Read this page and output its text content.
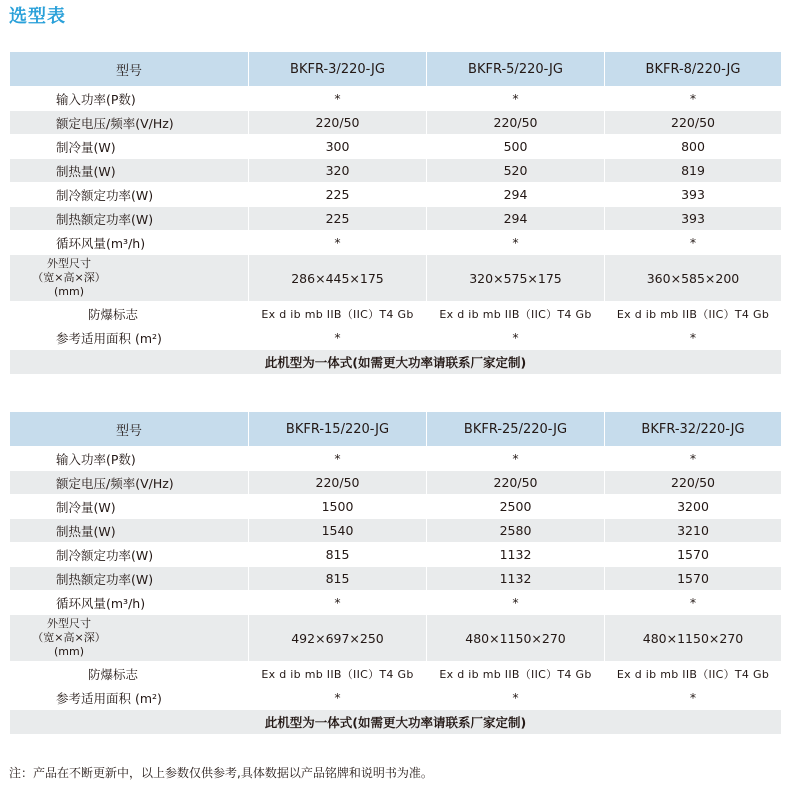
选型表
型号	BKFR-3/220-JG	BKFR-5/220-JG	BKFR-8/220-JG
输入功率(P数)	*	*	*
额定电压/频率(V/Hz)	220/50	220/50	220/50
制冷量(W)	300	500	800
制热量(W)	320	520	819
制冷额定功率(W)	225	294	393
制热额定功率(W)	225	294	393
循环风量(m³/h)	*	*	*

外型尺寸
（宽×高×深）
(mm)	286×445×175	320×575×175	360×585×200
防爆标志	Ex d ib mb IIB（IIC）T4 Gb	Ex d ib mb IIB（IIC）T4 Gb	Ex d ib mb IIB（IIC）T4 Gb
参考适用面积 (m²)	*	*	*
此机型为一体式(如需更大功率请联系厂家定制)			
型号	BKFR-15/220-JG	BKFR-25/220-JG	BKFR-32/220-JG
输入功率(P数)	*	*	*
额定电压/频率(V/Hz)	220/50	220/50	220/50
制冷量(W)	1500	2500	3200
制热量(W)	1540	2580	3210
制冷额定功率(W)	815	1132	1570
制热额定功率(W)	815	1132	1570
循环风量(m³/h)	*	*	*

外型尺寸
（宽×高×深）
(mm)	492×697×250	480×1150×270	480×1150×270
防爆标志	Ex d ib mb IIB（IIC）T4 Gb	Ex d ib mb IIB（IIC）T4 Gb	Ex d ib mb IIB（IIC）T4 Gb
参考适用面积 (m²)	*	*	*
此机型为一体式(如需更大功率请联系厂家定制)			
注：产品在不断更新中，以上参数仅供参考,具体数据以产品铭牌和说明书为准。
